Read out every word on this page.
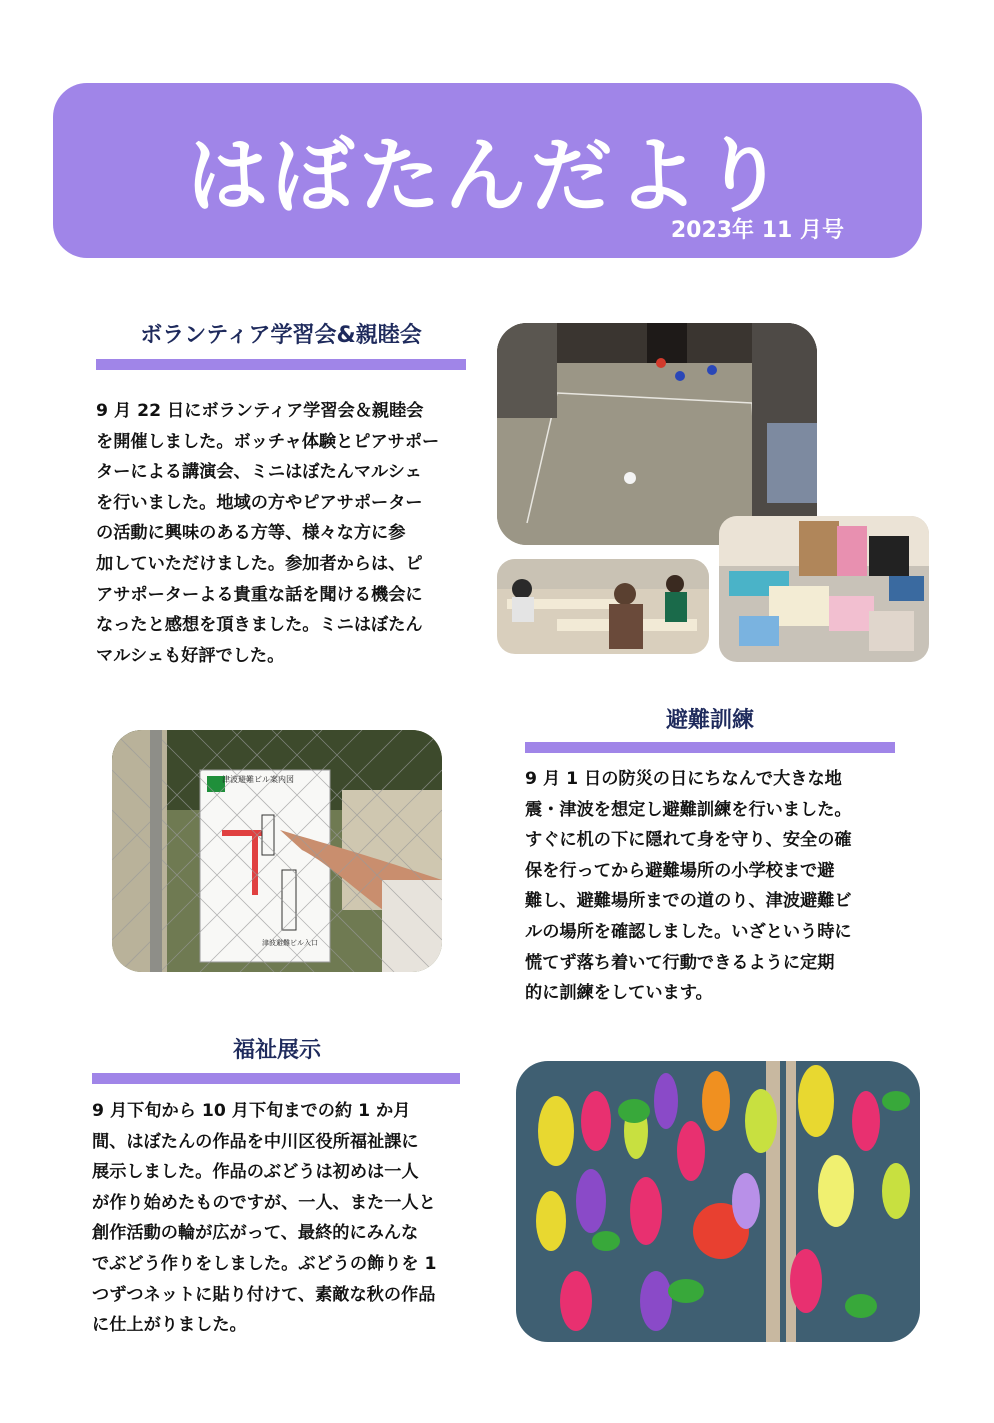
はぼたんだより
2023年 11 月号
ボランティア学習会&親睦会

9 月 22 日にボランティア学習会＆親睦会

を開催しました。ボッチャ体験とピアサポー

ターによる講演会、ミニはぼたんマルシェ

を行いました。地域の方やピアサポーター

の活動に興味のある方等、様々な方に参

加していただけました。参加者からは、ピ

アサポーターよる貴重な話を聞ける機会に

なったと感想を頂きました。ミニはぼたん

マルシェも好評でした。

津波避難ビル案内図
津波避難ビル入口
避難訓練

9 月 1 日の防災の日にちなんで大きな地

震・津波を想定し避難訓練を行いました。

すぐに机の下に隠れて身を守り、安全の確

保を行ってから避難場所の小学校まで避

難し、避難場所までの道のり、津波避難ビ

ルの場所を確認しました。いざという時に

慌てず落ち着いて行動できるように定期

的に訓練をしています。

福祉展示

9 月下旬から 10 月下旬までの約 1 か月

間、はぼたんの作品を中川区役所福祉課に

展示しました。作品のぶどうは初めは一人

が作り始めたものですが、一人、また一人と

創作活動の輪が広がって、最終的にみんな

でぶどう作りをしました。ぶどうの飾りを 1

つずつネットに貼り付けて、素敵な秋の作品

に仕上がりました。
